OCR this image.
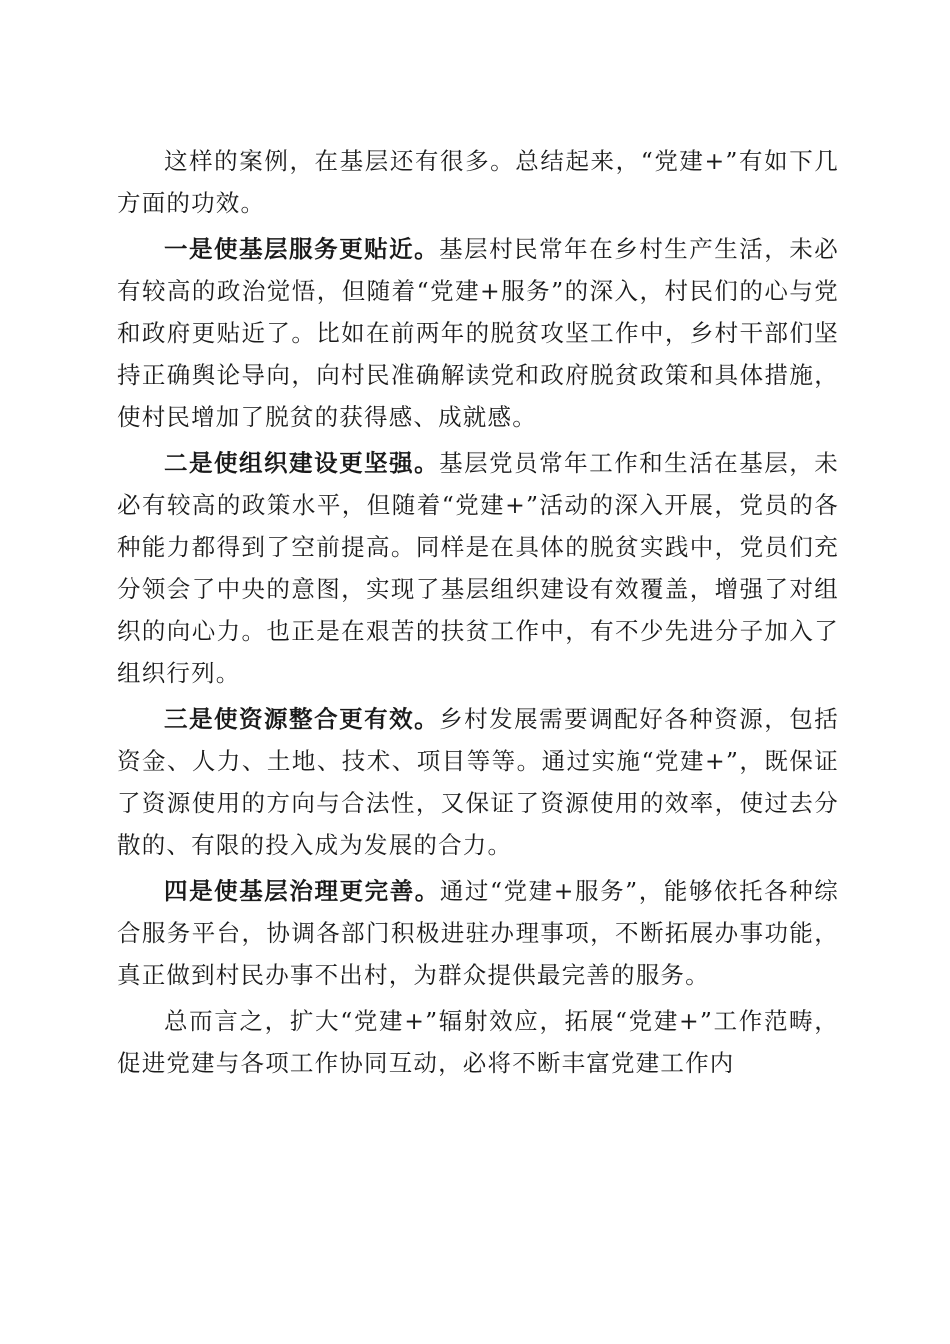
这样的案例，在基层还有很多。总结起来，“党建+”有如下几方面的功效。

一是使基层服务更贴近。基层村民常年在乡村生产生活，未必有较高的政治觉悟，但随着“党建+服务”的深入，村民们的心与党和政府更贴近了。比如在前两年的脱贫攻坚工作中，乡村干部们坚持正确舆论导向，向村民准确解读党和政府脱贫政策和具体措施，使村民增加了脱贫的获得感、成就感。

二是使组织建设更坚强。基层党员常年工作和生活在基层，未必有较高的政策水平，但随着“党建+”活动的深入开展，党员的各种能力都得到了空前提高。同样是在具体的脱贫实践中，党员们充分领会了中央的意图，实现了基层组织建设有效覆盖，增强了对组织的向心力。也正是在艰苦的扶贫工作中，有不少先进分子加入了组织行列。

三是使资源整合更有效。乡村发展需要调配好各种资源，包括资金、人力、土地、技术、项目等等。通过实施“党建+”，既保证了资源使用的方向与合法性，又保证了资源使用的效率，使过去分散的、有限的投入成为发展的合力。

四是使基层治理更完善。通过“党建+服务”，能够依托各种综合服务平台，协调各部门积极进驻办理事项，不断拓展办事功能，真正做到村民办事不出村，为群众提供最完善的服务。

总而言之，扩大“党建+”辐射效应，拓展“党建+”工作范畴，促进党建与各项工作协同互动，必将不断丰富党建工作内
